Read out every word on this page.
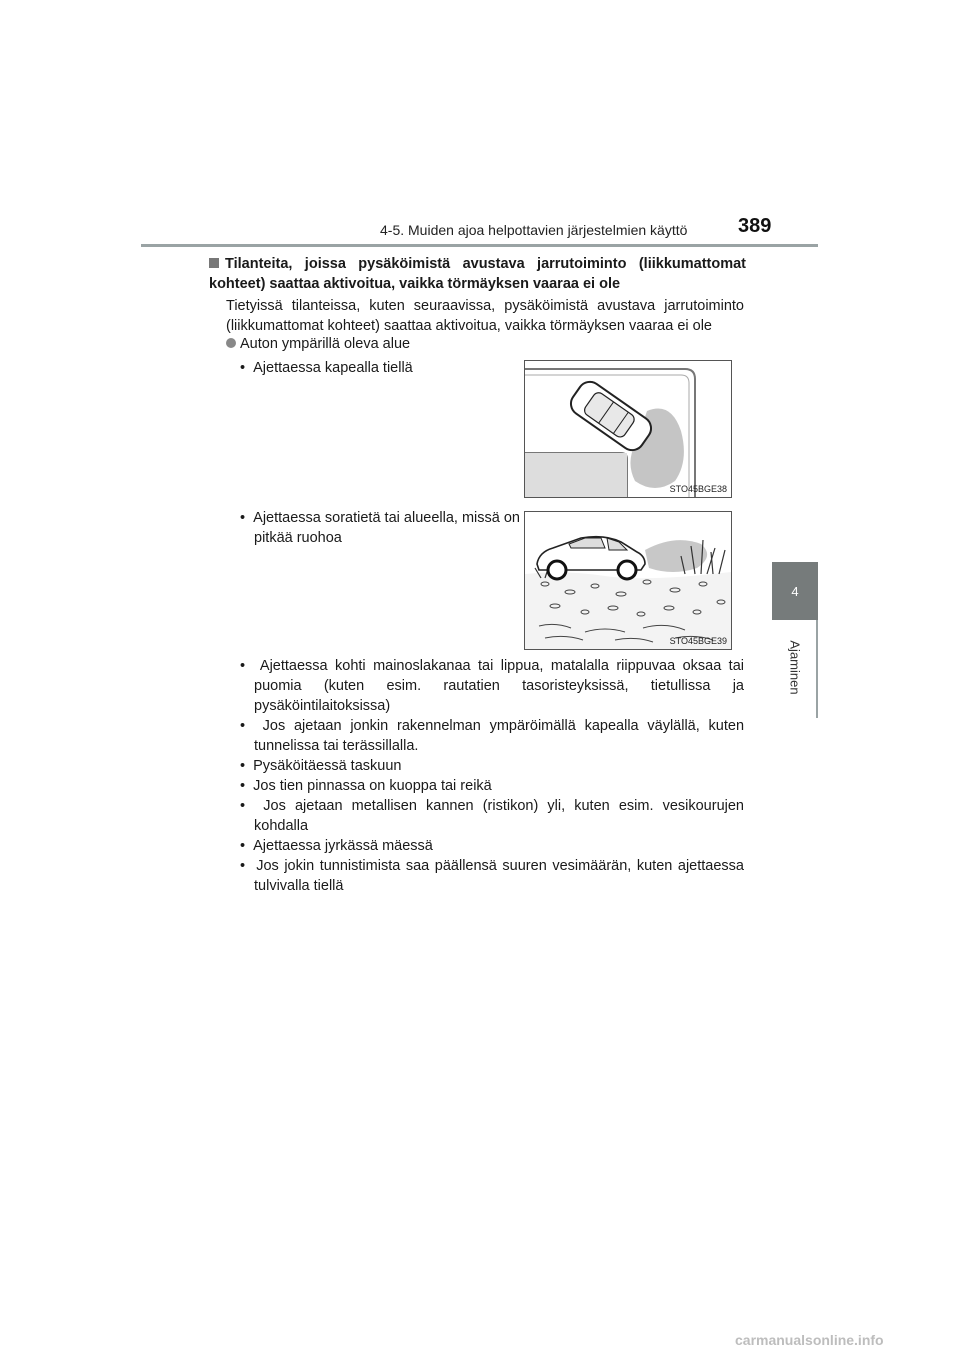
4-5. Muiden ajoa helpottavien järjestelmien käyttö	389
4
Ajaminen
Tilanteita, joissa pysäköimistä avustava jarrutoiminto (liikkumattomat kohteet) saattaa aktivoitua, vaikka törmäyksen vaaraa ei ole
Tietyissä tilanteissa, kuten seuraavissa, pysäköimistä avustava jarrutoiminto (liikkumattomat kohteet) saattaa aktivoitua, vaikka törmäyksen vaaraa ei ole
Auton ympärillä oleva alue
•  Ajettaessa kapealla tiellä
STO45BGE38
•  Ajettaessa soratietä tai alueella, missä on pitkää ruohoa
STO45BGE39
•  Ajettaessa kohti mainoslakanaa tai lippua, matalalla riippuvaa oksaa tai puomia (kuten esim. rautatien tasoristeyksissä, tietullissa ja pysäköintilaitoksissa)
•  Jos ajetaan jonkin rakennelman ympäröimällä kapealla väylällä, kuten tunnelissa tai terässillalla.
•  Pysäköitäessä taskuun
•  Jos tien pinnassa on kuoppa tai reikä
•  Jos ajetaan metallisen kannen (ristikon) yli, kuten esim. vesikourujen kohdalla
•  Ajettaessa jyrkässä mäessä
•  Jos jokin tunnistimista saa päällensä suuren vesimäärän, kuten ajettaessa tulvivalla tiellä
carmanualsonline.info
